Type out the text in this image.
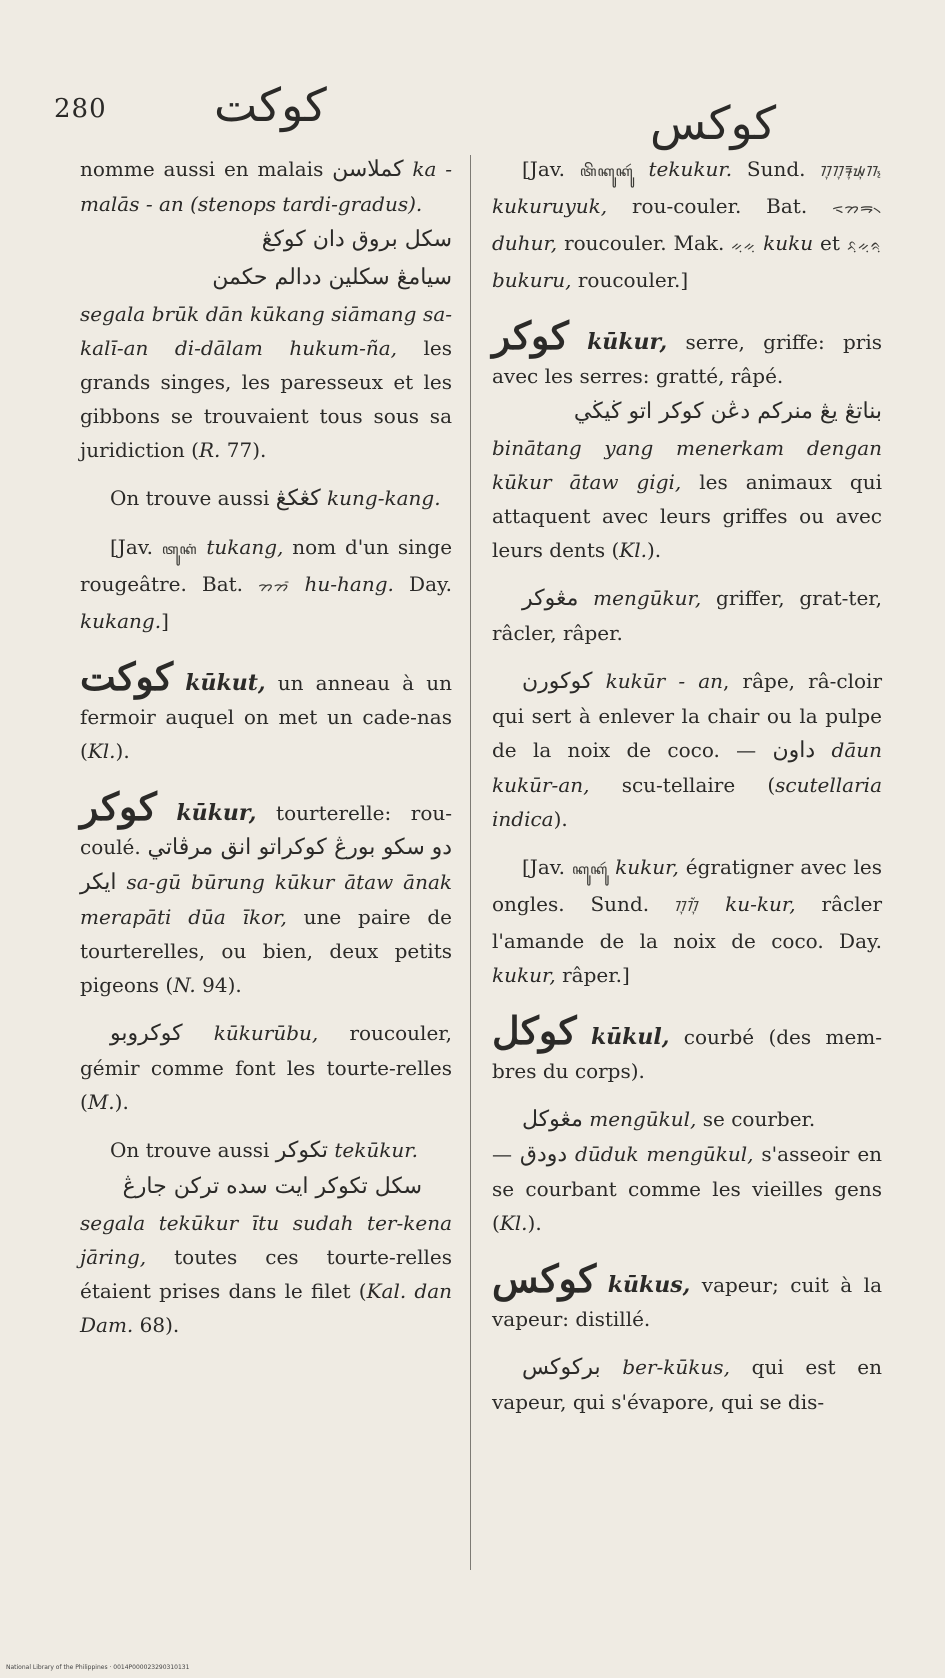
280 كوكت	كوكس

nomme aussi en malais كملاسن ka - malās - an (stenops tardi-gradus).
سكل بروق دان كوكڠ
سيامڠ سكلين ددالم حكمن
segala brūk dān kūkang siāmang sa-kalī-an di-dālam hukum-ña, les grands singes, les paresseux et les gibbons se trouvaient tous sous sa juridiction (R. 77).

On trouve aussi كڠكڠ kung-kang.

[Jav. ꦠꦸꦏꦁ tukang, nom d'un singe rougeâtre. Bat. ᯂᯂᯰ hu-hang. Day. kukang.]

كوكت kūkut, un anneau à un fermoir auquel on met un cade-nas (Kl.).

كوكر kūkur, tourterelle: rou-coulé. سكو بورڠ كوكراتو انق مرڤاتي دو ايكر sa-gū būrung kūkur ātaw ānak merapāti dūa īkor, une paire de tourterelles, ou bien, deux petits pigeons (N. 94).

كوكروبو kūkurūbu, roucouler, gémir comme font les tourte-relles (M.).

On trouve aussi تكوكر tekūkur.
سكل تكوكر ايت سده ترکن جارڠ
segala tekūkur ītu sudah ter-kena jāring, toutes ces tourte-relles étaient prises dans le filet (Kal. dan Dam. 68).

[Jav. ꦠꦼꦏꦸꦏꦸꦂ tekukur. Sund. ᮊᮥᮊᮥᮛᮥᮚᮥᮊ᮪ kukuruyuk, rou-couler. Bat. ᯑᯂᯒ᯲ duhur, roucouler. Mak. ᨀᨘᨀᨘ kuku et ᨅᨘᨀᨘᨑᨘ bukuru, roucouler.]

كوكر kūkur, serre, griffe: pris avec les serres: gratté, râpé.
بناتڠ يڠ منركم دڠن كوكر اتو ڬيڬي
bināta​ng yang menerkam dengan kūkur ātaw gigi, les animaux qui attaquent avec leurs griffes ou avec leurs dents (Kl.).

مڠوكر mengūkur, griffer, grat-ter, râcler, râper.

كوكورن kukūr - an, râpe, râ-cloir qui sert à enlever la chair ou la pulpe de la noix de coco. — داون dāun kukūr-an, scu-tellaire (scutellaria indica).

[Jav. ꦏꦸꦏꦸꦂ kukur, égratigner avec les ongles. Sund. ᮊᮥᮊᮥᮁ ku-kur, râcler l'amande de la noix de coco. Day. kukur, râper.]

كوكل kūkul, courbé (des mem-bres du corps).

مڠوكل mengūkul, se courber.

— دودق dūduk mengūkul, s'asseoir en se courbant comme les vieilles gens (Kl.).

كوكس kūkus, vapeur; cuit à la vapeur: distillé.

بركوكس ber-kūkus, qui est en vapeur, qui s'évapore, qui se dis-

National Library of the Philippines · 0014P000023290310131
